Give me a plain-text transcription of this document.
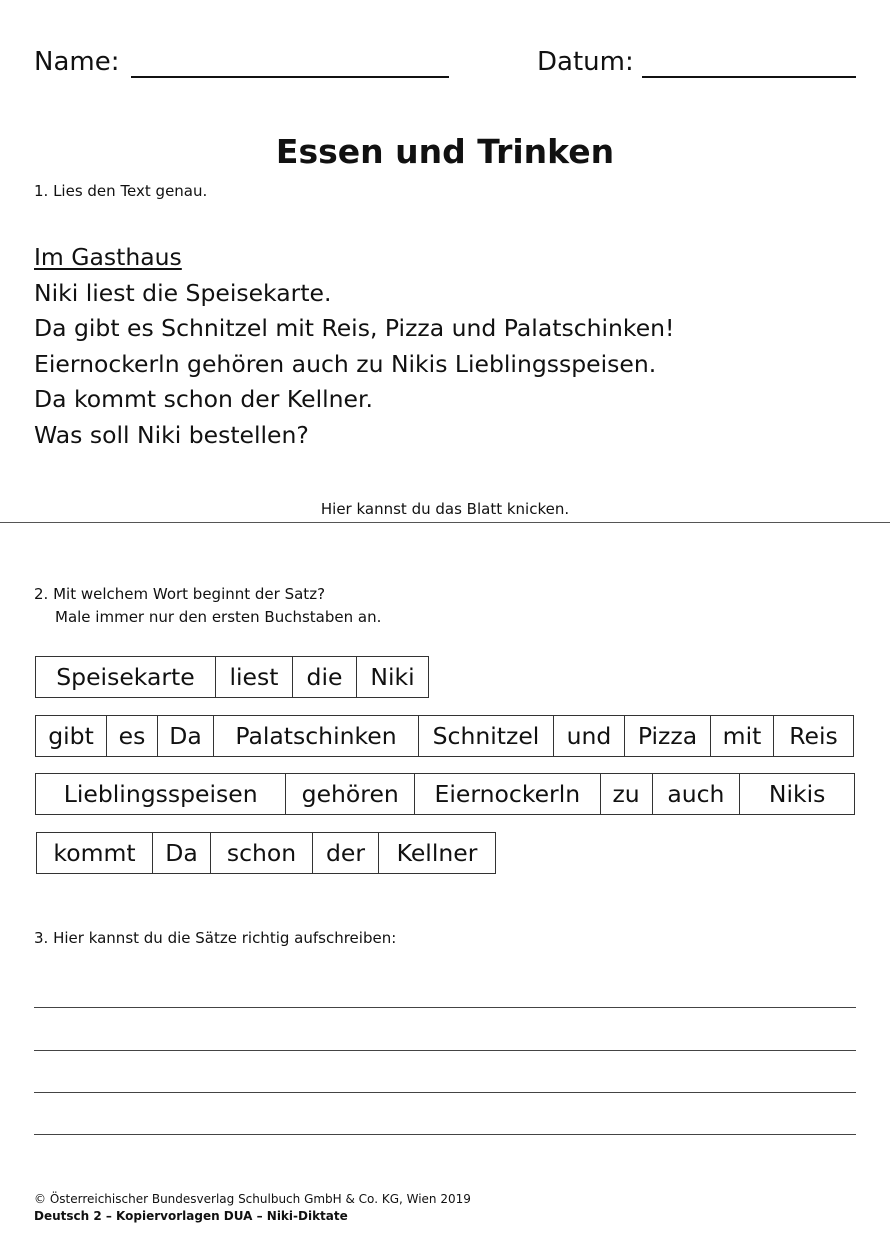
Name:	Datum:
Essen und Trinken
1. Lies den Text genau.
Im Gasthaus
Niki liest die Speisekarte.
Da gibt es Schnitzel mit Reis, Pizza und Palatschinken!
Eiernockerln gehören auch zu Nikis Lieblingsspeisen.
Da kommt schon der Kellner.
Was soll Niki bestellen?
Hier kannst du das Blatt knicken.
2. Mit welchem Wort beginnt der Satz?
Male immer nur den ersten Buchstaben an.
Speisekarte	liest	die	Niki
gibt	es	Da	Palatschinken	Schnitzel	und	Pizza	mit	Reis
Lieblingsspeisen	gehören	Eiernockerln	zu	auch	Nikis
kommt	Da	schon	der	Kellner
3. Hier kannst du die Sätze richtig aufschreiben:
© Österreichischer Bundesverlag Schulbuch GmbH & Co. KG, Wien 2019
Deutsch 2 – Kopiervorlagen DUA – Niki-Diktate
